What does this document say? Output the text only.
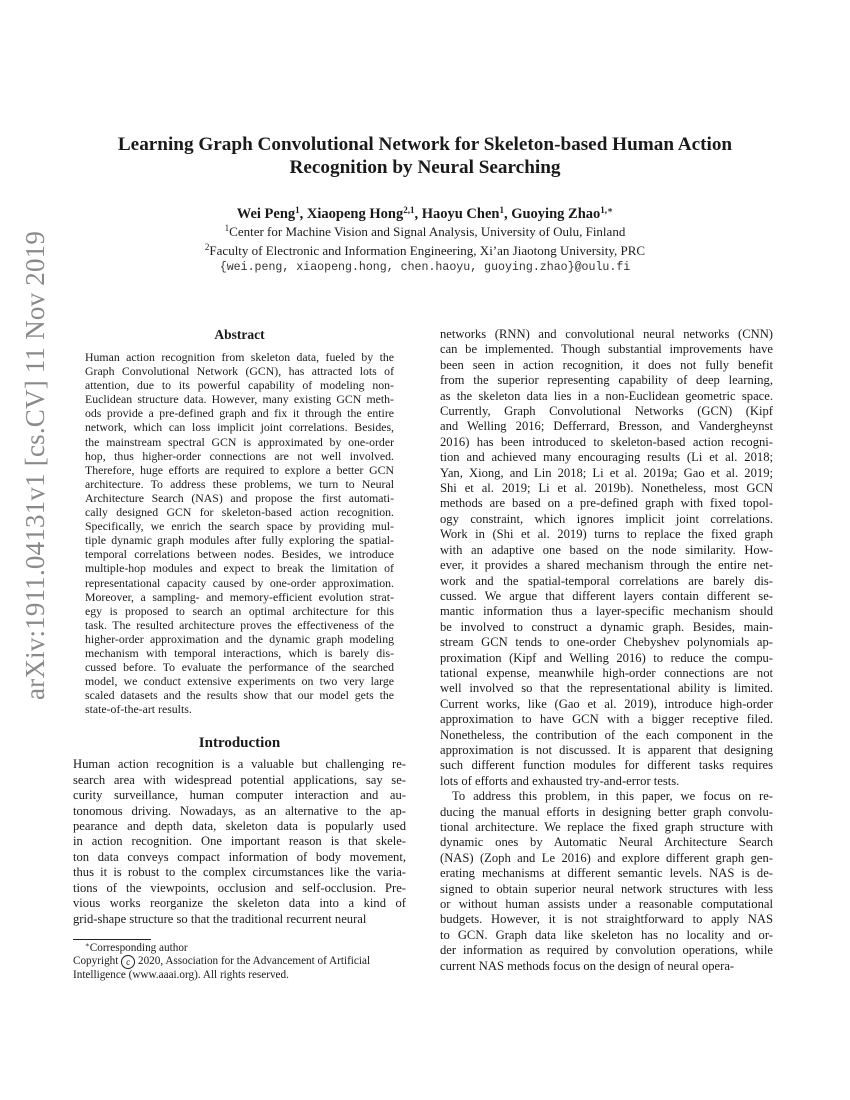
arXiv:1911.04131v1 [cs.CV] 11 Nov 2019
Learning Graph Convolutional Network for Skeleton-based Human Action
Recognition by Neural Searching
Wei Peng$^1$, Xiaopeng Hong$^{2,1}$, Haoyu Chen$^1$, Guoying Zhao$^{1,∗}$
$^1$Center for Machine Vision and Signal Analysis, University of Oulu, Finland
$^2$Faculty of Electronic and Information Engineering, Xi’an Jiaotong University, PRC
{wei.peng, xiaopeng.hong, chen.haoyu, guoying.zhao}@oulu.fi
Abstract
Human action recognition from skeleton data, fueled by the
Graph Convolutional Network (GCN), has attracted lots of
attention, due to its powerful capability of modeling non-
Euclidean structure data. However, many existing GCN meth-
ods provide a pre-defined graph and fix it through the entire
network, which can loss implicit joint correlations. Besides,
the mainstream spectral GCN is approximated by one-order
hop, thus higher-order connections are not well involved.
Therefore, huge efforts are required to explore a better GCN
architecture. To address these problems, we turn to Neural
Architecture Search (NAS) and propose the first automati-
cally designed GCN for skeleton-based action recognition.
Specifically, we enrich the search space by providing mul-
tiple dynamic graph modules after fully exploring the spatial-
temporal correlations between nodes. Besides, we introduce
multiple-hop modules and expect to break the limitation of
representational capacity caused by one-order approximation.
Moreover, a sampling- and memory-efficient evolution strat-
egy is proposed to search an optimal architecture for this
task. The resulted architecture proves the effectiveness of the
higher-order approximation and the dynamic graph modeling
mechanism with temporal interactions, which is barely dis-
cussed before. To evaluate the performance of the searched
model, we conduct extensive experiments on two very large
scaled datasets and the results show that our model gets the
state-of-the-art results.
Introduction
Human action recognition is a valuable but challenging re-
search area with widespread potential applications, say se-
curity surveillance, human computer interaction and au-
tonomous driving. Nowadays, as an alternative to the ap-
pearance and depth data, skeleton data is popularly used
in action recognition. One important reason is that skele-
ton data conveys compact information of body movement,
thus it is robust to the complex circumstances like the varia-
tions of the viewpoints, occlusion and self-occlusion. Pre-
vious works reorganize the skeleton data into a kind of
grid-shape structure so that the traditional recurrent neural
∗Corresponding author
Copyright c 2020, Association for the Advancement of Artificial
Intelligence (www.aaai.org). All rights reserved.
networks (RNN) and convolutional neural networks (CNN)
can be implemented. Though substantial improvements have
been seen in action recognition, it does not fully benefit
from the superior representing capability of deep learning,
as the skeleton data lies in a non-Euclidean geometric space.
Currently, Graph Convolutional Networks (GCN) (Kipf
and Welling 2016; Defferrard, Bresson, and Vandergheynst
2016) has been introduced to skeleton-based action recogni-
tion and achieved many encouraging results (Li et al. 2018;
Yan, Xiong, and Lin 2018; Li et al. 2019a; Gao et al. 2019;
Shi et al. 2019; Li et al. 2019b). Nonetheless, most GCN
methods are based on a pre-defined graph with fixed topol-
ogy constraint, which ignores implicit joint correlations.
Work in (Shi et al. 2019) turns to replace the fixed graph
with an adaptive one based on the node similarity. How-
ever, it provides a shared mechanism through the entire net-
work and the spatial-temporal correlations are barely dis-
cussed. We argue that different layers contain different se-
mantic information thus a layer-specific mechanism should
be involved to construct a dynamic graph. Besides, main-
stream GCN tends to one-order Chebyshev polynomials ap-
proximation (Kipf and Welling 2016) to reduce the compu-
tational expense, meanwhile high-order connections are not
well involved so that the representational ability is limited.
Current works, like (Gao et al. 2019), introduce high-order
approximation to have GCN with a bigger receptive filed.
Nonetheless, the contribution of the each component in the
approximation is not discussed. It is apparent that designing
such different function modules for different tasks requires
lots of efforts and exhausted try-and-error tests.
To address this problem, in this paper, we focus on re-
ducing the manual efforts in designing better graph convolu-
tional architecture. We replace the fixed graph structure with
dynamic ones by Automatic Neural Architecture Search
(NAS) (Zoph and Le 2016) and explore different graph gen-
erating mechanisms at different semantic levels. NAS is de-
signed to obtain superior neural network structures with less
or without human assists under a reasonable computational
budgets. However, it is not straightforward to apply NAS
to GCN. Graph data like skeleton has no locality and or-
der information as required by convolution operations, while
current NAS methods focus on the design of neural opera-
